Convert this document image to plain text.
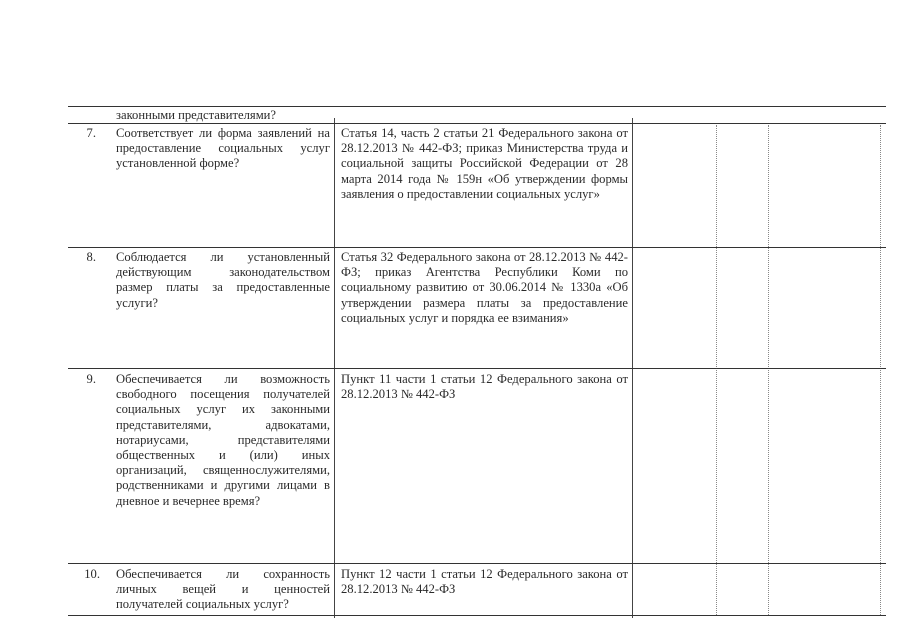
законными представителями?
7. Соответствует ли форма заявлений на предоставление социальных услуг установленной форме?
Статья 14, часть 2 статьи 21 Федерального закона от 28.12.2013 № 442-ФЗ; приказ Министерства труда и социальной защиты Российской Федерации от 28 марта 2014 года № 159н «Об утверждении формы заявления о предоставлении социальных услуг»
8. Соблюдается ли установленный действующим законодательством размер платы за предоставленные услуги?
Статья 32 Федерального закона от 28.12.2013 № 442-ФЗ; приказ Агентства Республики Коми по социальному развитию от 30.06.2014 № 1330а «Об утверждении размера платы за предоставление социальных услуг и порядка ее взимания»
9. Обеспечивается ли возможность свободного посещения получателей социальных услуг их законными представителями, адвокатами, нотариусами, представителями общественных и (или) иных организаций, священнослужителями, родственниками и другими лицами в дневное и вечернее время?
Пункт 11 части 1 статьи 12 Федерального закона от 28.12.2013 № 442-ФЗ
10. Обеспечивается ли сохранность личных вещей и ценностей получателей социальных услуг?
Пункт 12 части 1 статьи 12 Федерального закона от 28.12.2013 № 442-ФЗ
